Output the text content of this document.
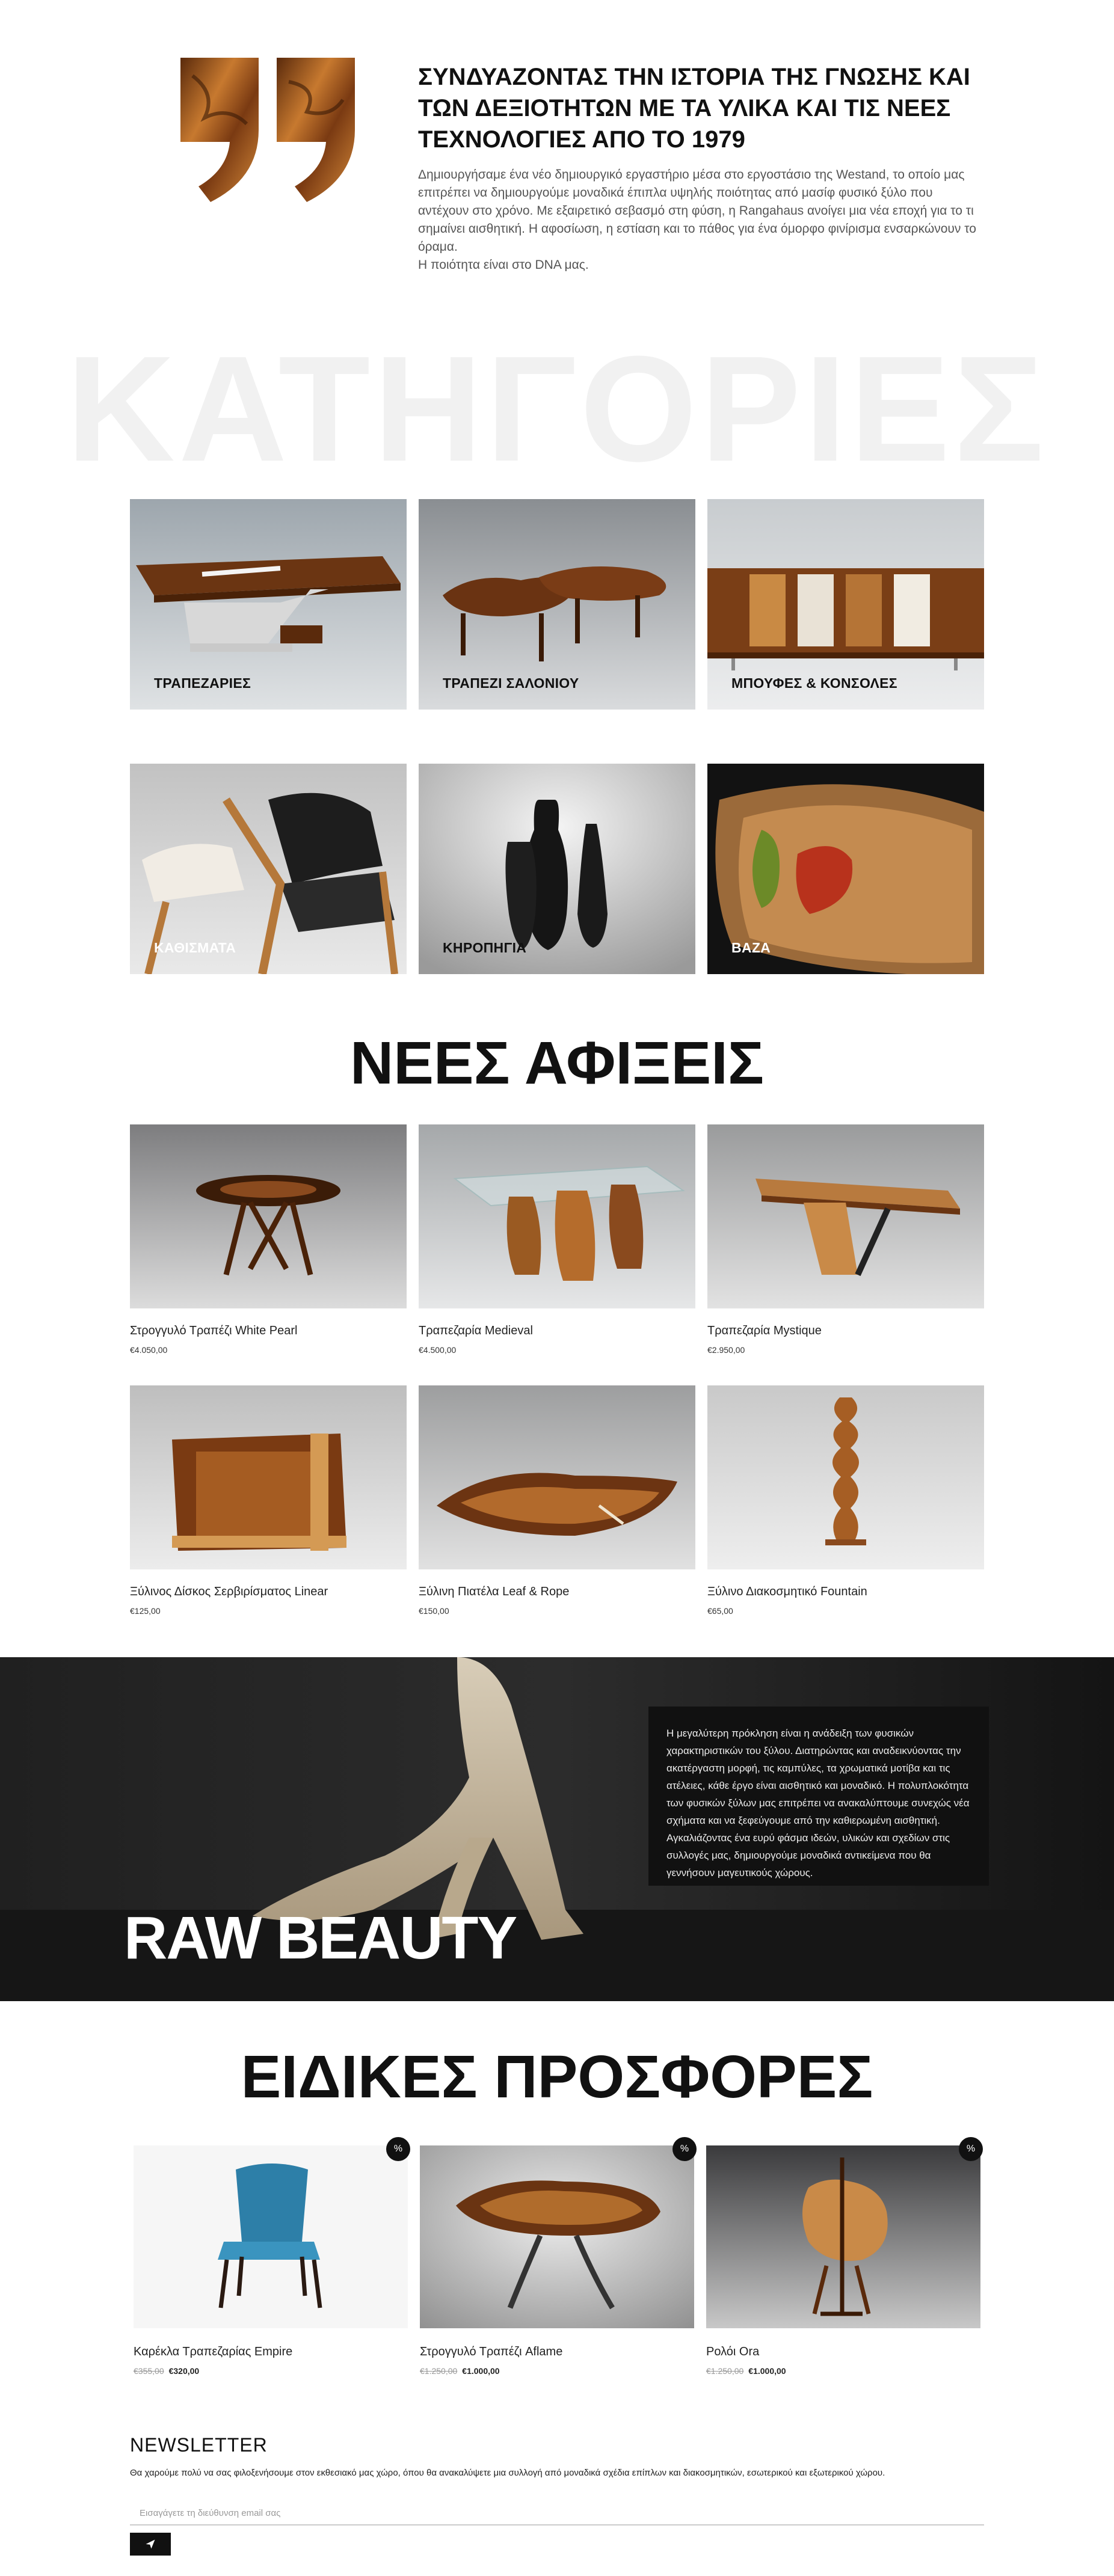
ΣΥΝΔΥΑΖΟΝΤΑΣ ΤΗΝ ΙΣΤΟΡΙΑ ΤΗΣ ΓΝΩΣΗΣ ΚΑΙ ΤΩΝ ΔΕΞΙΟΤΗΤΩΝ ΜΕ ΤΑ ΥΛΙΚΑ ΚΑΙ ΤΙΣ ΝΕΕΣ ΤΕΧΝΟΛΟΓΙΕΣ ΑΠΟ ΤΟ 1979

Δημιουργήσαμε ένα νέο δημιουργικό εργαστήριο μέσα στο εργοστάσιο της Westand, το οποίο μας επιτρέπει να δημιουργούμε μοναδικά έπιπλα υψηλής ποιότητας από μασίφ φυσικό ξύλο που αντέχουν στο χρόνο. Με εξαιρετικό σεβασμό στη φύση, η Rangahaus ανοίγει μια νέα εποχή για το τι σημαίνει αισθητική. Η αφοσίωση, η εστίαση και το πάθος για ένα όμορφο φινίρισμα ενσαρκώνουν το όραμα.

Η ποιότητα είναι στο DNA μας.

ΚΑΤΗΓΟΡΙΕΣ
ΤΡΑΠΕΖΑΡΙΕΣ	ΤΡΑΠΕΖΙ ΣΑΛΟΝΙΟΥ	ΜΠΟΥΦΕΣ & ΚΟΝΣΟΛΕΣ
ΚΑΘΙΣΜΑΤΑ	ΚΗΡΟΠΗΓΙΑ	ΒΑΖΑ
ΝΕΕΣ ΑΦΙΞΕΙΣ
Στρογγυλό Τραπέζι White Pearl
€4.050,00
Τραπεζαρία Medieval
€4.500,00
Τραπεζαρία Mystique
€2.950,00
Ξύλινος Δίσκος Σερβιρίσματος Linear
€125,00
Ξύλινη Πιατέλα Leaf & Rope
€150,00
Ξύλινο Διακοσμητικό Fountain
€65,00
RAW BEAUTY

Η μεγαλύτερη πρόκληση είναι η ανάδειξη των φυσικών χαρακτηριστικών του ξύλου. Διατηρώντας και αναδεικνύοντας την ακατέργαστη μορφή, τις καμπύλες, τα χρωματικά μοτίβα και τις ατέλειες, κάθε έργο είναι αισθητικό και μοναδικό. Η πολυπλοκότητα των φυσικών ξύλων μας επιτρέπει να ανακαλύπτουμε συνεχώς νέα σχήματα και να ξεφεύγουμε από την καθιερωμένη αισθητική. Αγκαλιάζοντας ένα ευρύ φάσμα ιδεών, υλικών και σχεδίων στις συλλογές μας, δημιουργούμε μοναδικά αντικείμενα που θα γεννήσουν μαγευτικούς χώρους.

ΕΙΔΙΚΕΣ ΠΡΟΣΦΟΡΕΣ
%
Καρέκλα Τραπεζαρίας Empire
€355,00 €320,00
%
Στρογγυλό Τραπέζι Aflame
€1.250,00 €1.000,00
%
Ρολόι Ora
€1.250,00 €1.000,00
NEWSLETTER
Θα χαρούμε πολύ να σας φιλοξενήσουμε στον εκθεσιακό μας χώρο, όπου θα ανακαλύψετε μια συλλογή από μοναδικά σχέδια επίπλων και διακοσμητικών, εσωτερικού και εξωτερικού χώρου.
Εισαγάγετε τη διεύθυνση email σας
